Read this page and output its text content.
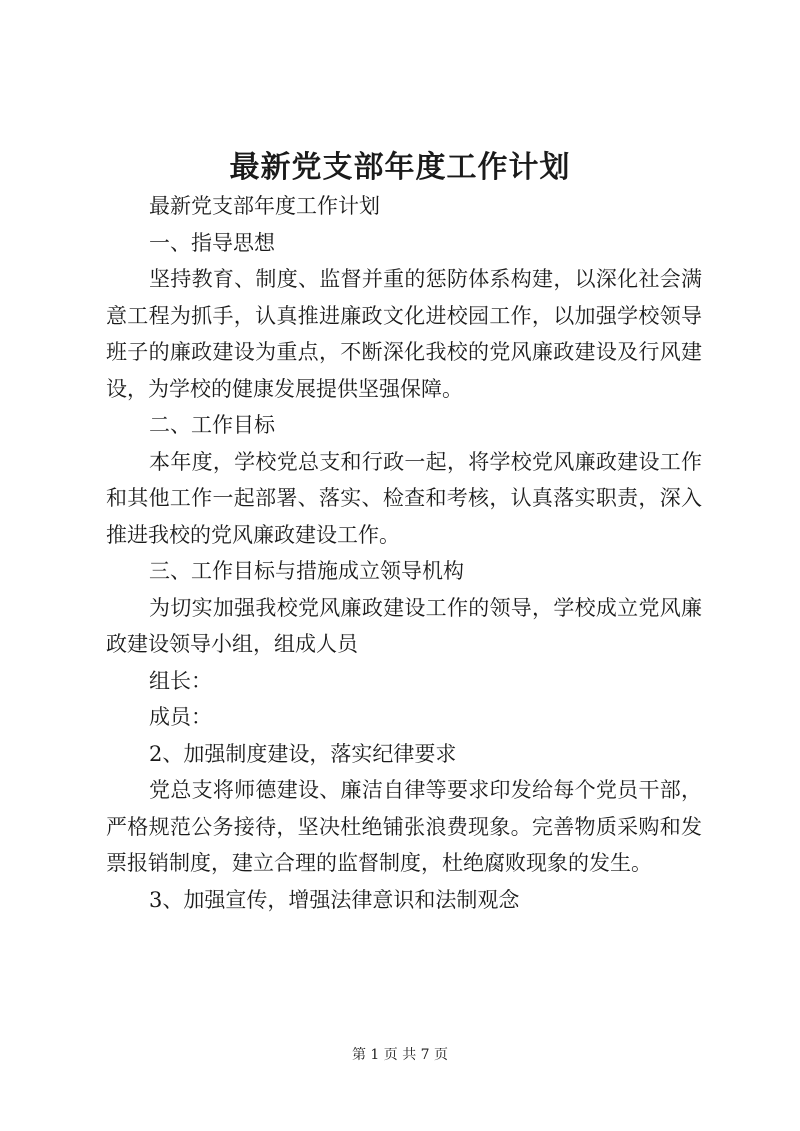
最新党支部年度工作计划

最新党支部年度工作计划

一、指导思想

坚持教育、制度、监督并重的惩防体系构建，以深化社会满意工程为抓手，认真推进廉政文化进校园工作，以加强学校领导班子的廉政建设为重点，不断深化我校的党风廉政建设及行风建设，为学校的健康发展提供坚强保障。

二、工作目标

本年度，学校党总支和行政一起，将学校党风廉政建设工作和其他工作一起部署、落实、检查和考核，认真落实职责，深入推进我校的党风廉政建设工作。

三、工作目标与措施成立领导机构

为切实加强我校党风廉政建设工作的领导，学校成立党风廉政建设领导小组，组成人员

组长：

成员：

2、加强制度建设，落实纪律要求

党总支将师德建设、廉洁自律等要求印发给每个党员干部，严格规范公务接待，坚决杜绝铺张浪费现象。完善物质采购和发票报销制度，建立合理的监督制度，杜绝腐败现象的发生。

3、加强宣传，增强法律意识和法制观念

第 1 页 共 7 页
